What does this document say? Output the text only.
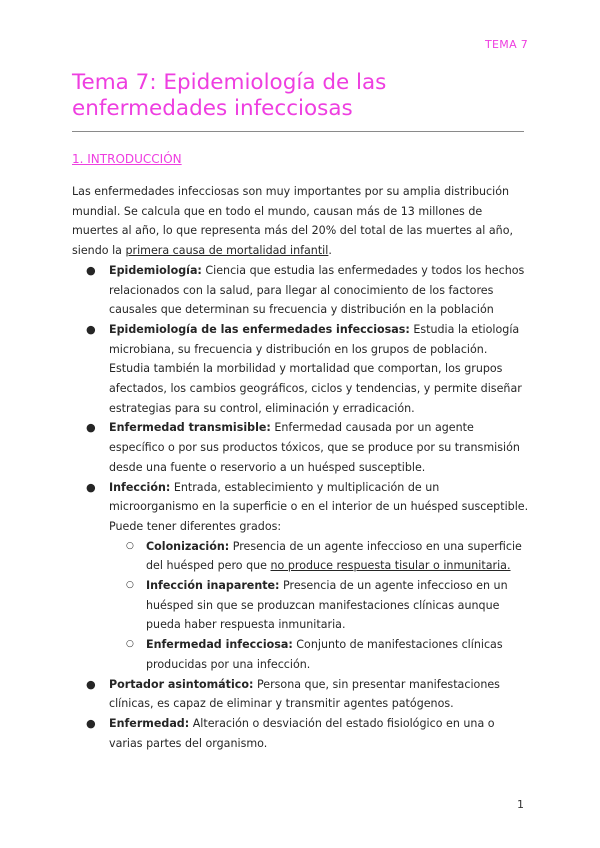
TEMA 7
Tema 7: Epidemiología de las enfermedades infecciosas
1. INTRODUCCIÓN

Las enfermedades infecciosas son muy importantes por su amplia distribución mundial. Se calcula que en todo el mundo, causan más de 13 millones de muertes al año, lo que representa más del 20% del total de las muertes al año, siendo la primera causa de mortalidad infantil.

● Epidemiología: Ciencia que estudia las enfermedades y todos los hechos relacionados con la salud, para llegar al conocimiento de los factores causales que determinan su frecuencia y distribución en la población
● Epidemiología de las enfermedades infecciosas: Estudia la etiología microbiana, su frecuencia y distribución en los grupos de población. Estudia también la morbilidad y mortalidad que comportan, los grupos afectados, los cambios geográficos, ciclos y tendencias, y permite diseñar estrategias para su control, eliminación y erradicación.
● Enfermedad transmisible: Enfermedad causada por un agente específico o por sus productos tóxicos, que se produce por su transmisión desde una fuente o reservorio a un huésped susceptible.
● Infección: Entrada, establecimiento y multiplicación de un microorganismo en la superficie o en el interior de un huésped susceptible. Puede tener diferentes grados:
○ Colonización: Presencia de un agente infeccioso en una superficie del huésped pero que no produce respuesta tisular o inmunitaria.
○ Infección inaparente: Presencia de un agente infeccioso en un huésped sin que se produzcan manifestaciones clínicas aunque pueda haber respuesta inmunitaria.
○ Enfermedad infecciosa: Conjunto de manifestaciones clínicas producidas por una infección.
● Portador asintomático: Persona que, sin presentar manifestaciones clínicas, es capaz de eliminar y transmitir agentes patógenos.
● Enfermedad: Alteración o desviación del estado fisiológico en una o varias partes del organismo.
1
